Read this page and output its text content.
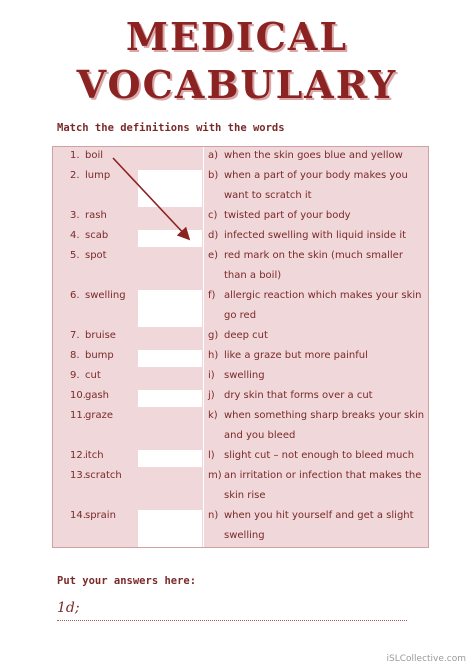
MEDICAL
VOCABULARY
Match the definitions with the words
1. boil	a) when the skin goes blue and yellow
2. lump	b) when a part of your body makes you want to scratch it
3. rash	c) twisted part of your body
4. scab	d) infected swelling with liquid inside it
5. spot	e) red mark on the skin (much smaller than a boil)
6. swelling	f) allergic reaction which makes your skin go red
7. bruise	g) deep cut
8. bump	h) like a graze but more painful
9. cut	i) swelling
10. gash	j) dry skin that forms over a cut
11. graze	k) when something sharp breaks your skin and you bleed
12. itch	l) slight cut – not enough to bleed much
13. scratch	m) an irritation or infection that makes the skin rise
14. sprain	n) when you hit yourself and get a slight swelling
Put your answers here:
1d;
iSLCollective.com
